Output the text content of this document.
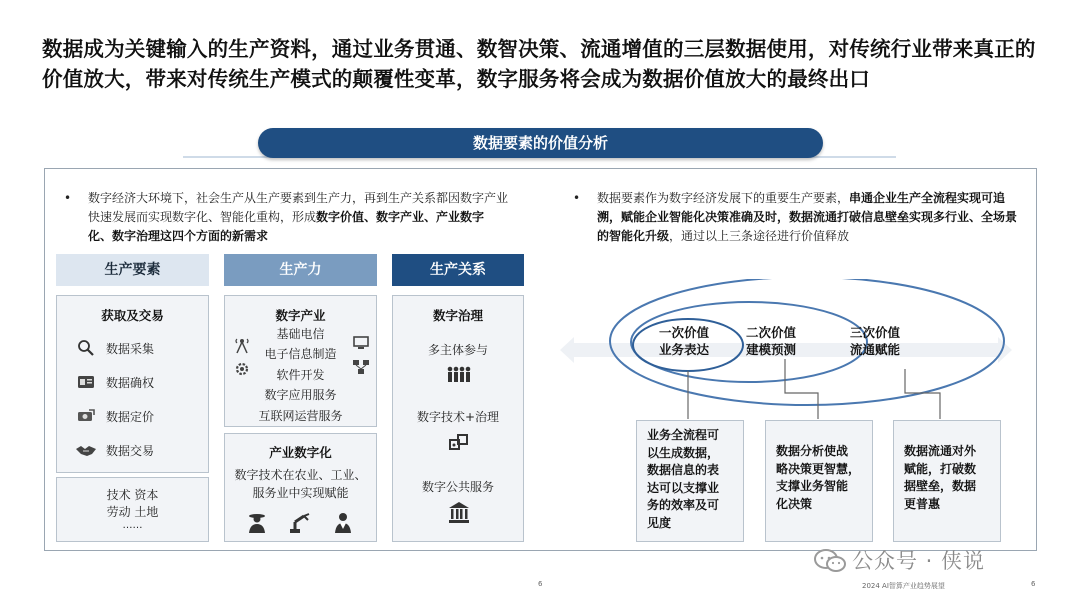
数据成为关键输入的生产资料，通过业务贯通、数智决策、流通增值的三层数据使用，对传统行业带来真正的价值放大，带来对传统生产模式的颠覆性变革，数字服务将会成为数据价值放大的最终出口
数据要素的价值分析
• 数字经济大环境下，社会生产从生产要素到生产力，再到生产关系都因数字产业快速发展而实现数字化、智能化重构，形成数字价值、数字产业、产业数字化、数字治理这四个方面的新需求
• 数据要素作为数字经济发展下的重要生产要素，串通企业生产全流程实现可追溯，赋能企业智能化决策准确及时，数据流通打破信息壁垒实现多行业、全场景的智能化升级，通过以上三条途径进行价值释放
生产要素	生产力	生产关系
获取及交易
数据采集
数据确权
数据定价
数据交易
技术 资本
劳动 土地
……
数字产业
基础电信
电子信息制造
软件开发
数字应用服务
互联网运营服务
产业数字化
数字技术在农业、工业、
服务业中实现赋能
数字治理
多主体参与
数字技术+治理
数字公共服务
一次价值
业务表达
二次价值
建模预测
三次价值
流通赋能
业务全流程可
以生成数据，
数据信息的表
达可以支撑业
务的效率及可
见度
数据分析使战
略决策更智慧，
支撑业务智能
化决策
数据流通对外
赋能，打破数
据壁垒，数据
更普惠
6	2024 AI智算产业趋势展望	6
公众号 · 侠说
